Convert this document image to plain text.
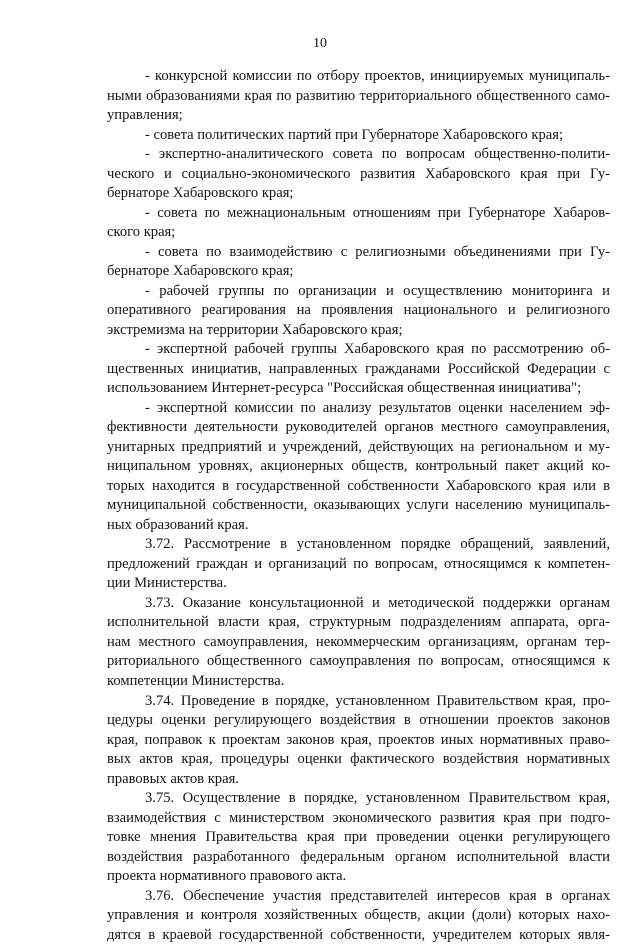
10
- конкурсной комиссии по отбору проектов, инициируемых муниципаль-
ными образованиями края по развитию территориального общественного само-
управления;
- совета политических партий при Губернаторе Хабаровского края;
- экспертно-аналитического совета по вопросам общественно-полити-
ческого и социально-экономического развития Хабаровского края при Гу-
бернаторе Хабаровского края;
- совета по межнациональным отношениям при Губернаторе Хабаров-
ского края;
- совета по взаимодействию с религиозными объединениями при Гу-
бернаторе Хабаровского края;
- рабочей группы по организации и осуществлению мониторинга и
оперативного реагирования на проявления национального и религиозного
экстремизма на территории Хабаровского края;
- экспертной рабочей группы Хабаровского края по рассмотрению об-
щественных инициатив, направленных гражданами Российской Федерации с
использованием Интернет-ресурса "Российская общественная инициатива";
- экспертной комиссии по анализу результатов оценки населением эф-
фективности деятельности руководителей органов местного самоуправления,
унитарных предприятий и учреждений, действующих на региональном и му-
ниципальном уровнях, акционерных обществ, контрольный пакет акций ко-
торых находится в государственной собственности Хабаровского края или в
муниципальной собственности, оказывающих услуги населению муниципаль-
ных образований края.
3.72. Рассмотрение в установленном порядке обращений, заявлений,
предложений граждан и организаций по вопросам, относящимся к компетен-
ции Министерства.
3.73. Оказание консультационной и методической поддержки органам
исполнительной власти края, структурным подразделениям аппарата, орга-
нам местного самоуправления, некоммерческим организациям, органам тер-
риториального общественного самоуправления по вопросам, относящимся к
компетенции Министерства.
3.74. Проведение в порядке, установленном Правительством края, про-
цедуры оценки регулирующего воздействия в отношении проектов законов
края, поправок к проектам законов края, проектов иных нормативных право-
вых актов края, процедуры оценки фактического воздействия нормативных
правовых актов края.
3.75. Осуществление в порядке, установленном Правительством края,
взаимодействия с министерством экономического развития края при подго-
товке мнения Правительства края при проведении оценки регулирующего
воздействия разработанного федеральным органом исполнительной власти
проекта нормативного правового акта.
3.76. Обеспечение участия представителей интересов края в органах
управления и контроля хозяйственных обществ, акции (доли) которых нахо-
дятся в краевой государственной собственности, учредителем которых явля-
